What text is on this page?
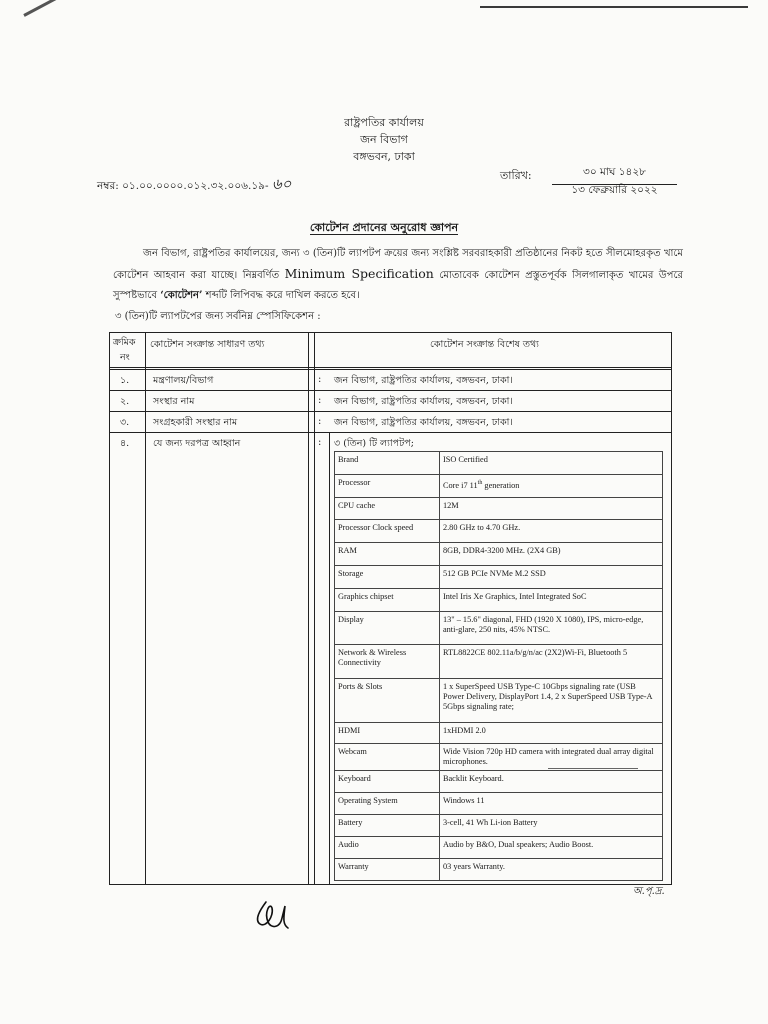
রাষ্ট্রপতির কার্যালয়
জন বিভাগ
বঙ্গভবন, ঢাকা
নম্বর: ০১.০০.০০০০.০১২.৩২.০০৬.১৯- ৬০	তারিখ:	৩০ মাঘ ১৪২৮
১৩ ফেব্রুয়ারি ২০২২
কোটেশন প্রদানের অনুরোধ জ্ঞাপন
   জন বিভাগ, রাষ্ট্রপতির কার্যালয়ের, জন্য ৩ (তিন)টি ল্যাপটপ ক্রয়ের জন্য সংশ্লিষ্ট সরবরাহকারী প্রতিষ্ঠানের নিকট হতে সীলমোহরকৃত খামে কোটেশন আহবান করা যাচ্ছে। নিম্নবর্ণিত Minimum Specification মোতাবেক কোটেশন প্রস্তুতপূর্বক সিলগালাকৃত খামের উপরে সুস্পষ্টভাবে ‘কোটেশন’ শব্দটি লিপিবদ্ধ করে দাখিল করতে হবে।
৩ (তিন)টি ল্যাপটপের জন্য সর্বনিম্ন স্পেসিফিকেশন :
ক্রমিক
নং
কোটেশন সংক্রান্ত সাধারণ তথ্য	কোটেশন সংক্রান্ত বিশেষ তথ্য
১.	মন্ত্রণালয়/বিভাগ	: জন বিভাগ, রাষ্ট্রপতির কার্যালয়, বঙ্গভবন, ঢাকা।
২.	সংস্থার নাম	: জন বিভাগ, রাষ্ট্রপতির কার্যালয়, বঙ্গভবন, ঢাকা।
৩.	সংগ্রহকারী সংস্থার নাম	: জন বিভাগ, রাষ্ট্রপতির কার্যালয়, বঙ্গভবন, ঢাকা।
৪.	যে জন্য দরপত্র আহ্বান	: ৩ (তিন) টি ল্যাপটপ;
Brand	ISO Certified
Processor	Core i7 11th generation
CPU cache	12M
Processor Clock speed	2.80 GHz to 4.70 GHz.
RAM	8GB, DDR4-3200 MHz. (2X4 GB)
Storage	512 GB PCIe NVMe M.2 SSD
Graphics chipset	Intel Iris Xe Graphics, Intel Integrated SoC
Display	13" – 15.6" diagonal, FHD (1920 X 1080), IPS, micro-edge, anti-glare, 250 nits, 45% NTSC.
Network & Wireless Connectivity	RTL8822CE 802.11a/b/g/n/ac (2X2)Wi-Fi, Bluetooth 5
Ports & Slots	1 x SuperSpeed USB Type-C 10Gbps signaling rate (USB Power Delivery, DisplayPort 1.4, 2 x SuperSpeed USB Type-A 5Gbps signaling rate;
HDMI	1xHDMI 2.0
Webcam	Wide Vision 720p HD camera with integrated dual array digital microphones.
Keyboard	Backlit Keyboard.
Operating System	Windows 11
Battery	3-cell, 41 Wh Li-ion Battery
Audio	Audio by B&O, Dual speakers; Audio Boost.
Warranty	03 years Warranty.
অ.পৃ.দ্র.
